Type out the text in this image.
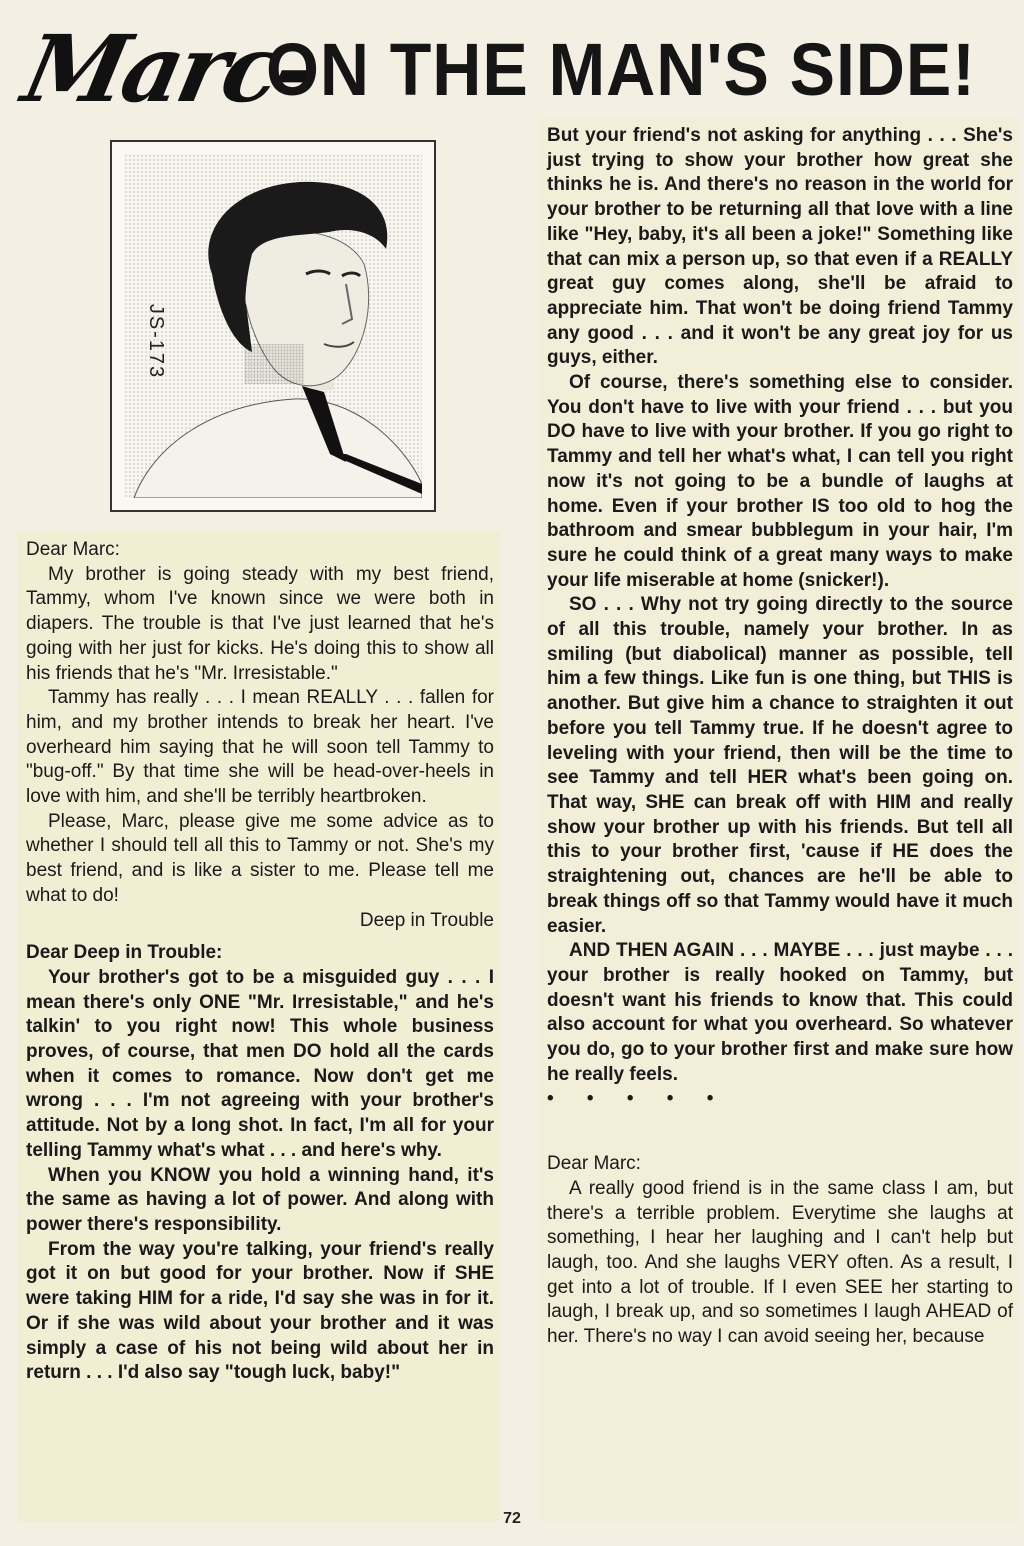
Marc-
ON THE MAN'S SIDE!
JS-173

Dear Marc:

My brother is going steady with my best friend, Tammy, whom I've known since we were both in diapers. The trouble is that I've just learned that he's going with her just for kicks. He's doing this to show all his friends that he's "Mr. Irresistable."

Tammy has really . . . I mean REALLY . . . fallen for him, and my brother intends to break her heart. I've overheard him saying that he will soon tell Tammy to "bug-off." By that time she will be head-over-heels in love with him, and she'll be terribly heartbroken.

Please, Marc, please give me some advice as to whether I should tell all this to Tammy or not. She's my best friend, and is like a sister to me. Please tell me what to do!

Deep in Trouble

Dear Deep in Trouble:

Your brother's got to be a misguided guy . . . I mean there's only ONE "Mr. Irresistable," and he's talkin' to you right now! This whole business proves, of course, that men DO hold all the cards when it comes to romance. Now don't get me wrong . . . I'm not agreeing with your brother's attitude. Not by a long shot. In fact, I'm all for your telling Tammy what's what . . . and here's why.

When you KNOW you hold a winning hand, it's the same as having a lot of power. And along with power there's responsibility.

From the way you're talking, your friend's really got it on but good for your brother. Now if SHE were taking HIM for a ride, I'd say she was in for it. Or if she was wild about your brother and it was simply a case of his not being wild about her in return . . . I'd also say "tough luck, baby!"

But your friend's not asking for anything . . . She's just trying to show your brother how great she thinks he is. And there's no reason in the world for your brother to be returning all that love with a line like "Hey, baby, it's all been a joke!" Something like that can mix a person up, so that even if a REALLY great guy comes along, she'll be afraid to appreciate him. That won't be doing friend Tammy any good . . . and it won't be any great joy for us guys, either.

Of course, there's something else to consider. You don't have to live with your friend . . . but you DO have to live with your brother. If you go right to Tammy and tell her what's what, I can tell you right now it's not going to be a bundle of laughs at home. Even if your brother IS too old to hog the bathroom and smear bubblegum in your hair, I'm sure he could think of a great many ways to make your life miserable at home (snicker!).

SO . . . Why not try going directly to the source of all this trouble, namely your brother. In as smiling (but diabolical) manner as possible, tell him a few things. Like fun is one thing, but THIS is another. But give him a chance to straighten it out before you tell Tammy true. If he doesn't agree to leveling with your friend, then will be the time to see Tammy and tell HER what's been going on. That way, SHE can break off with HIM and really show your brother up with his friends. But tell all this to your brother first, 'cause if HE does the straightening out, chances are he'll be able to break things off so that Tammy would have it much easier.

AND THEN AGAIN . . . MAYBE . . . just maybe . . . your brother is really hooked on Tammy, but doesn't want his friends to know that. This could also account for what you overheard. So whatever you do, go to your brother first and make sure how he really feels.

• • • • •

Dear Marc:

A really good friend is in the same class I am, but there's a terrible problem. Everytime she laughs at something, I hear her laughing and I can't help but laugh, too. And she laughs VERY often. As a result, I get into a lot of trouble. If I even SEE her starting to laugh, I break up, and so sometimes I laugh AHEAD of her. There's no way I can avoid seeing her, because

72
